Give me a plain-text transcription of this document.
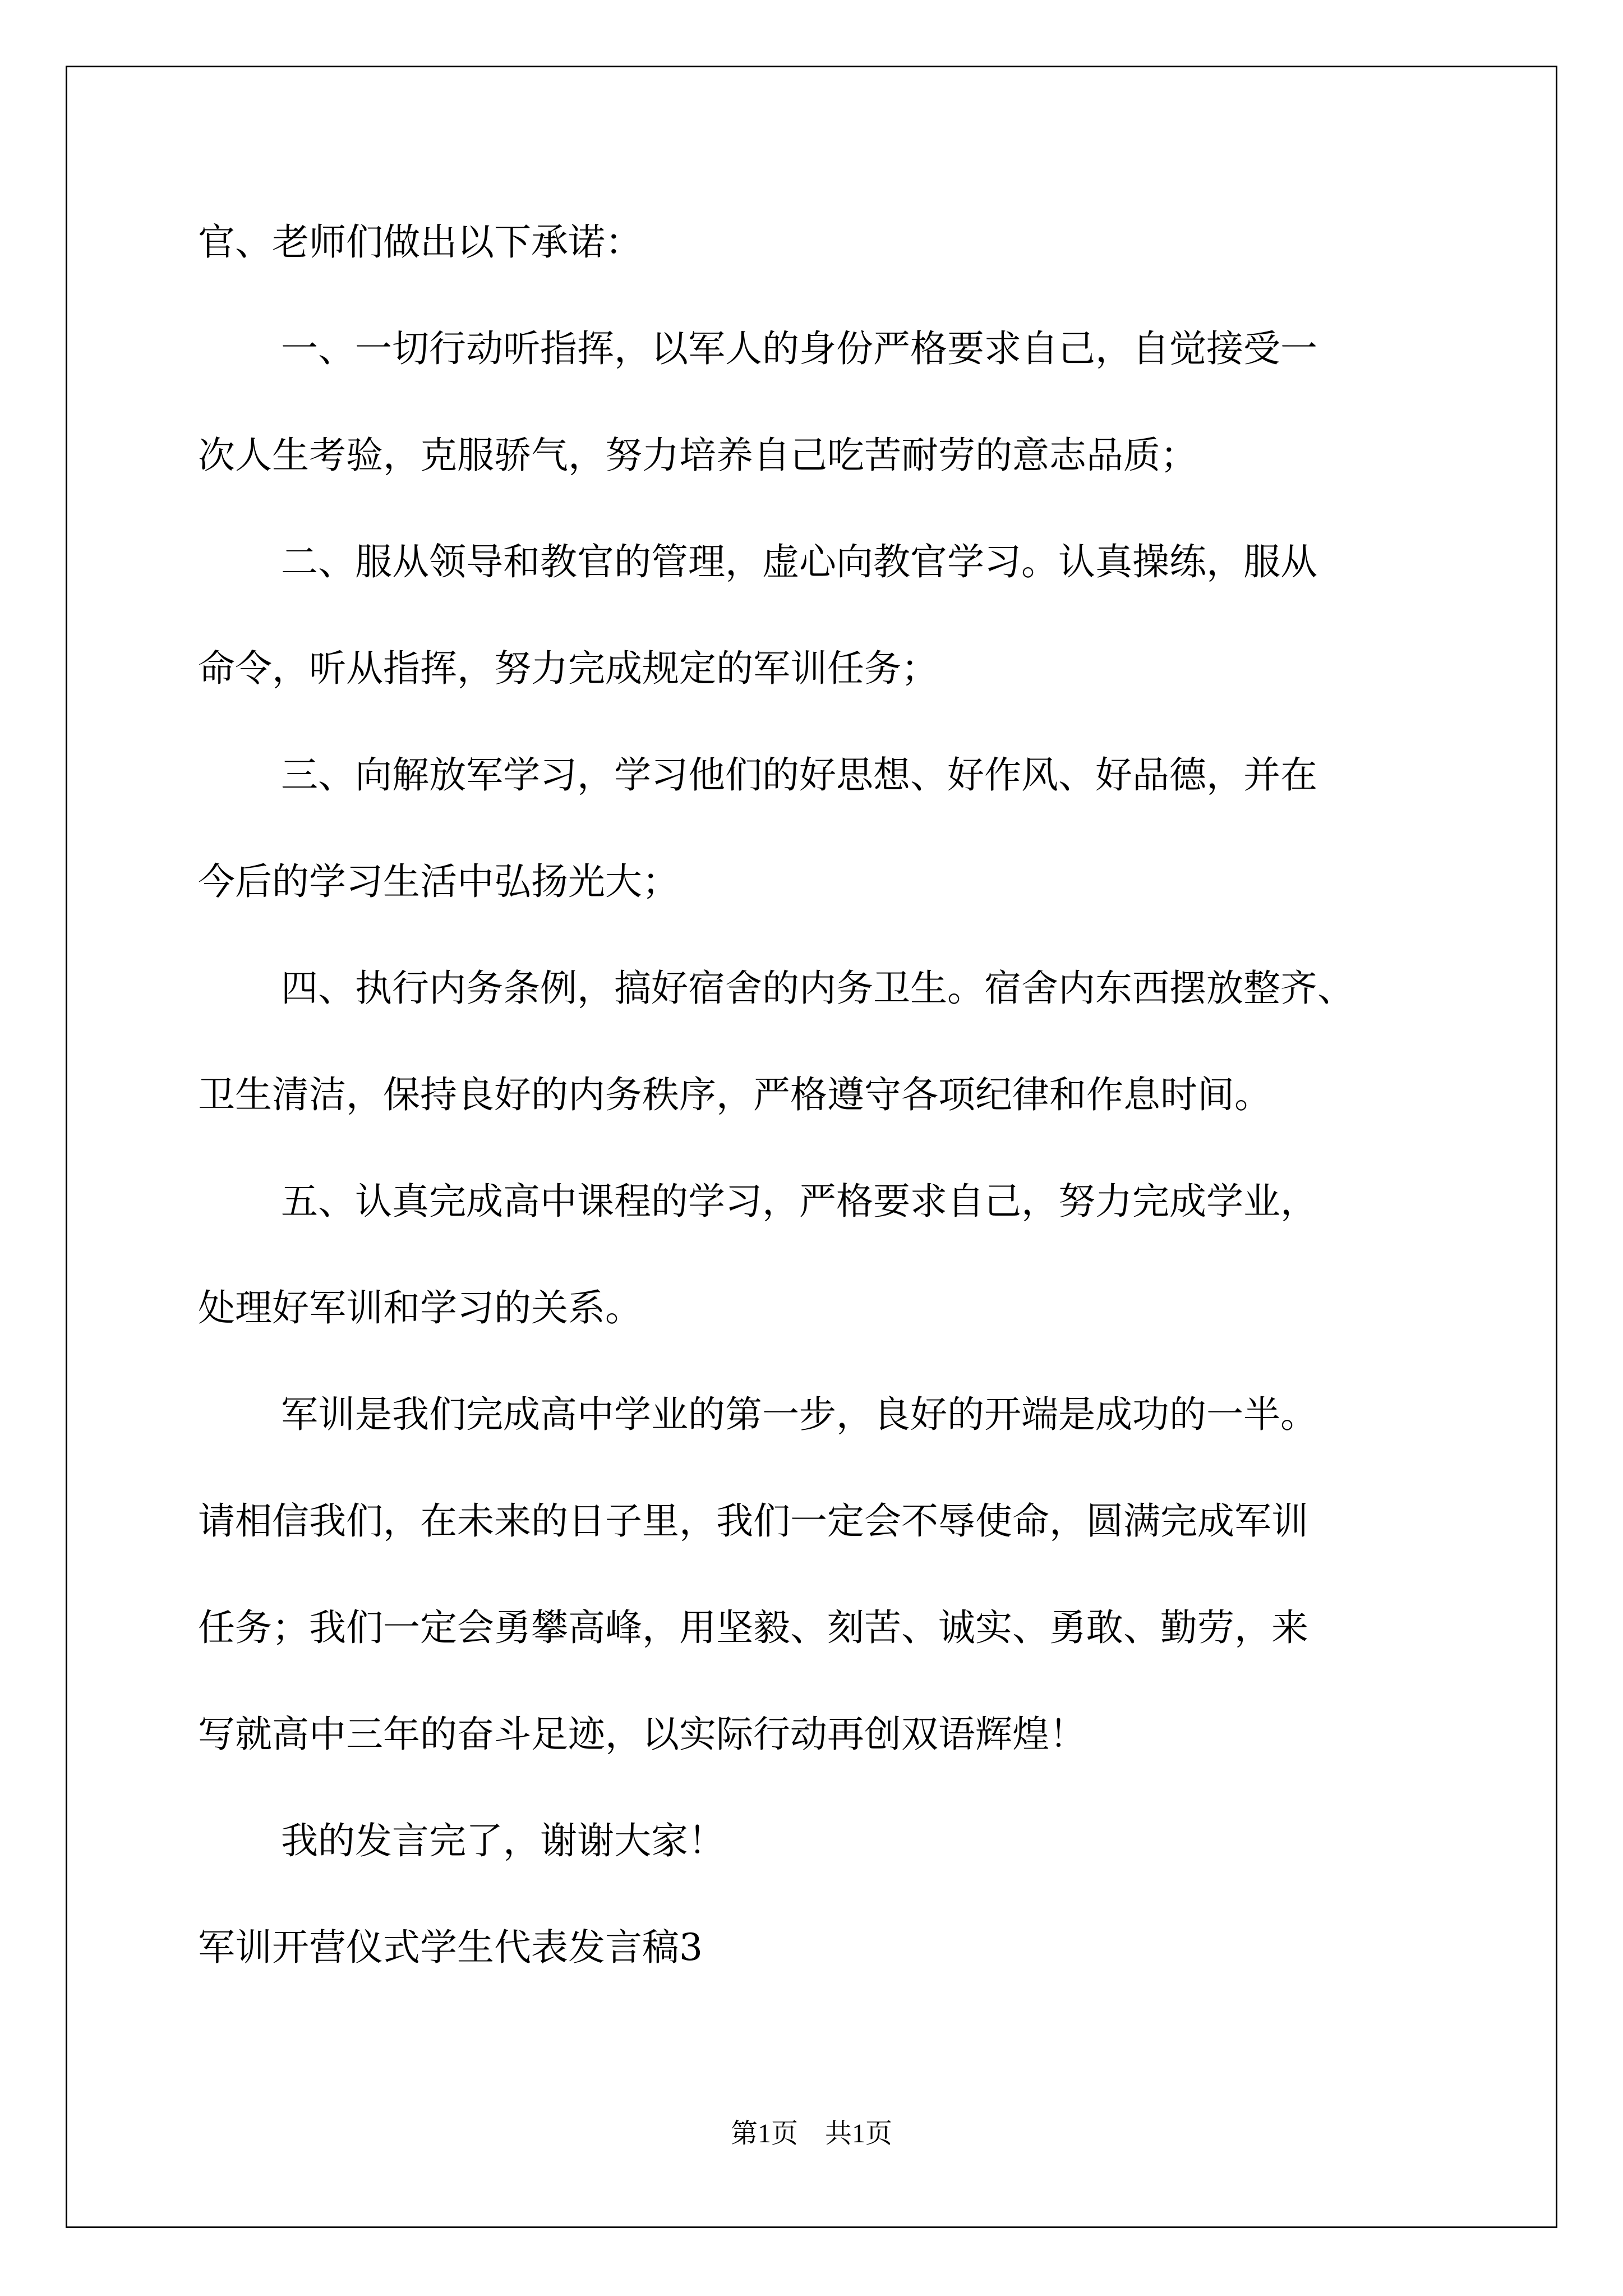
官、老师们做出以下承诺：
一、一切行动听指挥，以军人的身份严格要求自己，自觉接受一
次人生考验，克服骄气，努力培养自己吃苦耐劳的意志品质；
二、服从领导和教官的管理，虚心向教官学习。认真操练，服从
命令，听从指挥，努力完成规定的军训任务；
三、向解放军学习，学习他们的好思想、好作风、好品德，并在
今后的学习生活中弘扬光大；
四、执行内务条例，搞好宿舍的内务卫生。宿舍内东西摆放整齐、
卫生清洁，保持良好的内务秩序，严格遵守各项纪律和作息时间。
五、认真完成高中课程的学习，严格要求自己，努力完成学业，
处理好军训和学习的关系。
军训是我们完成高中学业的第一步，良好的开端是成功的一半。
请相信我们，在未来的日子里，我们一定会不辱使命，圆满完成军训
任务；我们一定会勇攀高峰，用坚毅、刻苦、诚实、勇敢、勤劳，来
写就高中三年的奋斗足迹，以实际行动再创双语辉煌！
我的发言完了，谢谢大家！
军训开营仪式学生代表发言稿3
第1页　共1页
